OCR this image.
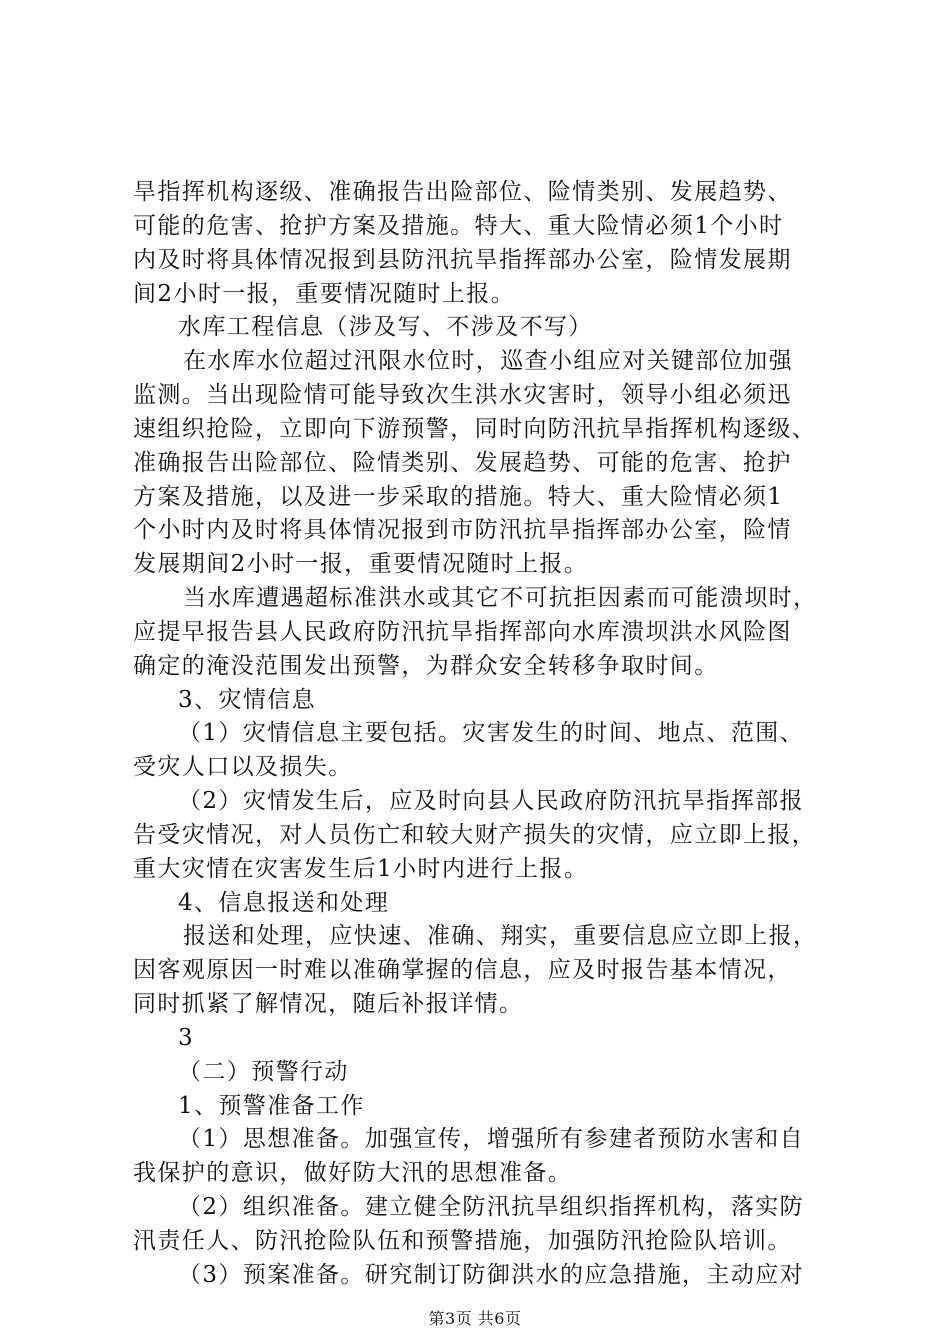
旱指挥机构逐级、准确报告出险部位、险情类别、发展趋势、
可能的危害、抢护方案及措施。特大、重大险情必须1个小时
内及时将具体情况报到县防汛抗旱指挥部办公室，险情发展期
间2小时一报，重要情况随时上报。
水库工程信息（涉及写、不涉及不写）
在水库水位超过汛限水位时，巡查小组应对关键部位加强
监测。当出现险情可能导致次生洪水灾害时，领导小组必须迅
速组织抢险，立即向下游预警，同时向防汛抗旱指挥机构逐级、
准确报告出险部位、险情类别、发展趋势、可能的危害、抢护
方案及措施，以及进一步采取的措施。特大、重大险情必须1
个小时内及时将具体情况报到市防汛抗旱指挥部办公室，险情
发展期间2小时一报，重要情况随时上报。
当水库遭遇超标准洪水或其它不可抗拒因素而可能溃坝时，
应提早报告县人民政府防汛抗旱指挥部向水库溃坝洪水风险图
确定的淹没范围发出预警，为群众安全转移争取时间。
3、灾情信息
（1）灾情信息主要包括。灾害发生的时间、地点、范围、
受灾人口以及损失。
（2）灾情发生后，应及时向县人民政府防汛抗旱指挥部报
告受灾情况，对人员伤亡和较大财产损失的灾情，应立即上报，
重大灾情在灾害发生后1小时内进行上报。
4、信息报送和处理
报送和处理，应快速、准确、翔实，重要信息应立即上报，
因客观原因一时难以准确掌握的信息，应及时报告基本情况，
同时抓紧了解情况，随后补报详情。
3
（二）预警行动
1、预警准备工作
（1）思想准备。加强宣传，增强所有参建者预防水害和自
我保护的意识，做好防大汛的思想准备。
（2）组织准备。建立健全防汛抗旱组织指挥机构，落实防
汛责任人、防汛抢险队伍和预警措施，加强防汛抢险队培训。
（3）预案准备。研究制订防御洪水的应急措施，主动应对
第3页 共6页
